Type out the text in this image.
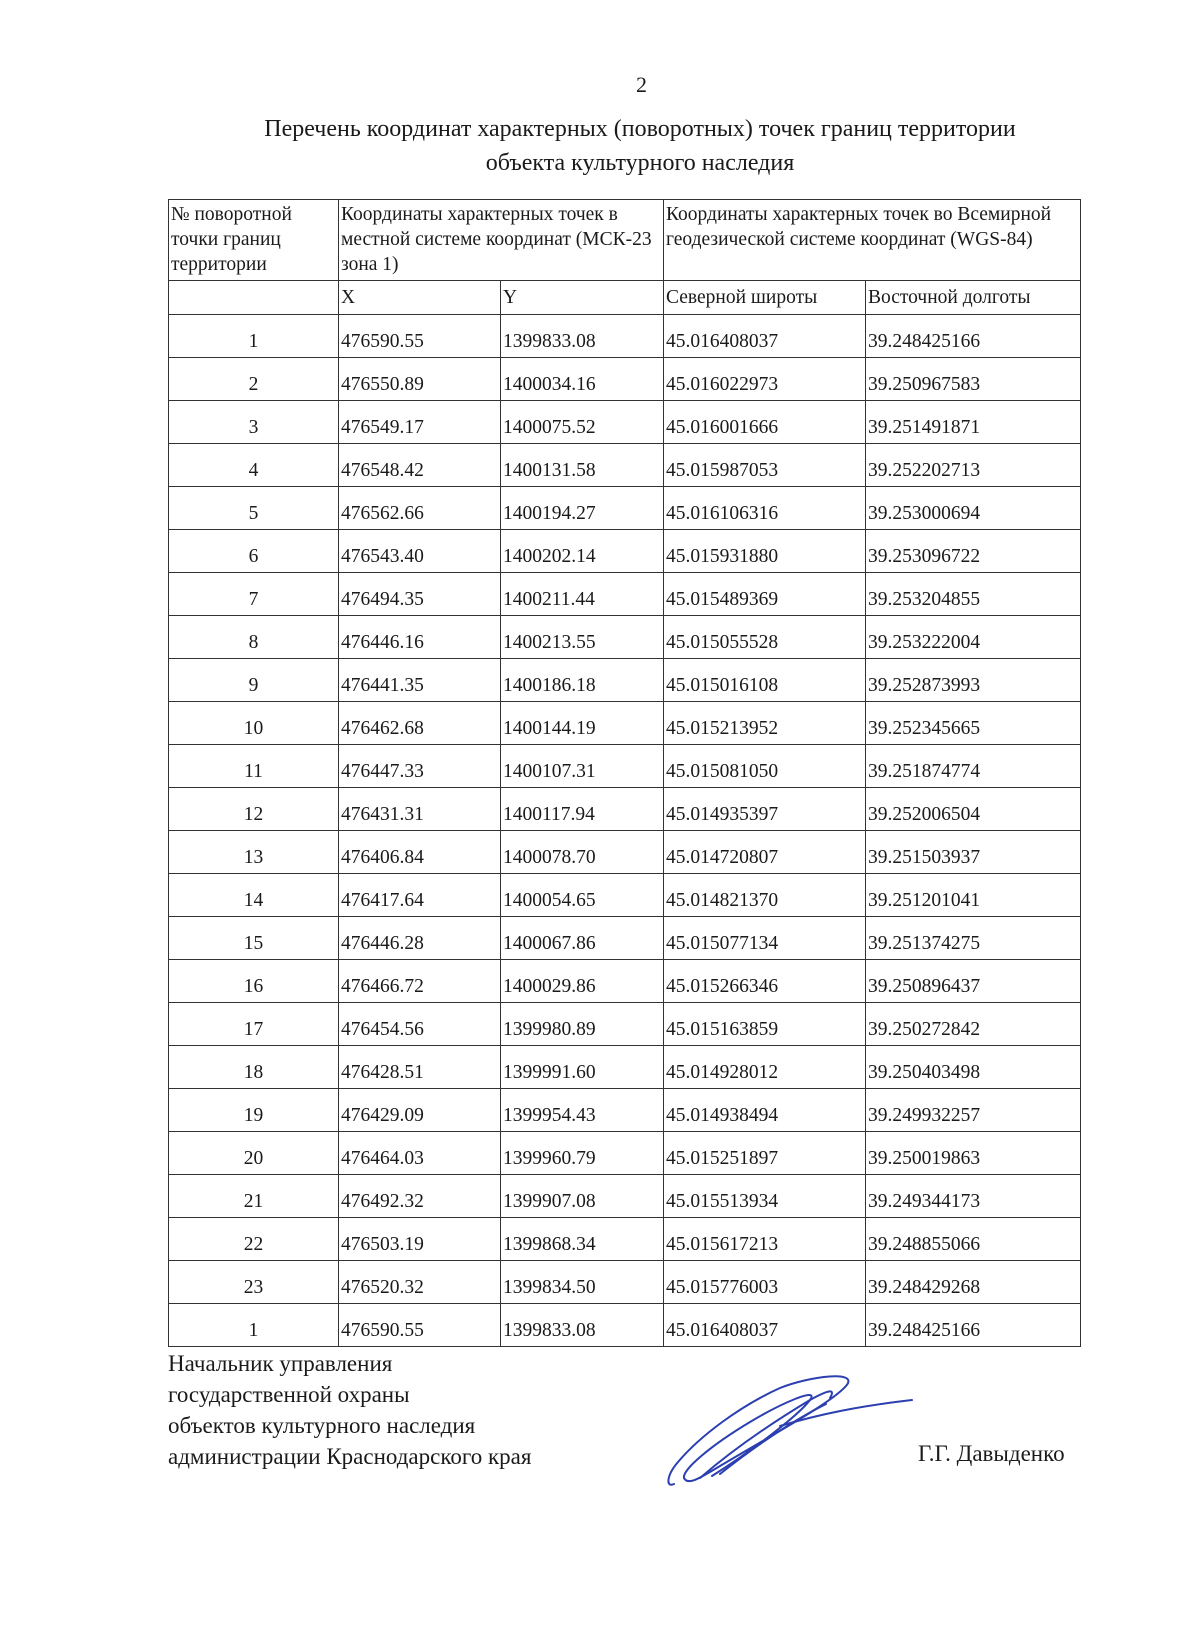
2
Перечень координат характерных (поворотных) точек границ территории
объекта культурного наследия
№ поворотной точки границ территории	Координаты характерных точек в местной системе координат (МСК-23 зона 1)		Координаты характерных точек во Всемирной геодезической системе координат (WGS-84)	
	X	Y	Северной широты	Восточной долготы
1	476590.55	1399833.08	45.016408037	39.248425166
2	476550.89	1400034.16	45.016022973	39.250967583
3	476549.17	1400075.52	45.016001666	39.251491871
4	476548.42	1400131.58	45.015987053	39.252202713
5	476562.66	1400194.27	45.016106316	39.253000694
6	476543.40	1400202.14	45.015931880	39.253096722
7	476494.35	1400211.44	45.015489369	39.253204855
8	476446.16	1400213.55	45.015055528	39.253222004
9	476441.35	1400186.18	45.015016108	39.252873993
10	476462.68	1400144.19	45.015213952	39.252345665
11	476447.33	1400107.31	45.015081050	39.251874774
12	476431.31	1400117.94	45.014935397	39.252006504
13	476406.84	1400078.70	45.014720807	39.251503937
14	476417.64	1400054.65	45.014821370	39.251201041
15	476446.28	1400067.86	45.015077134	39.251374275
16	476466.72	1400029.86	45.015266346	39.250896437
17	476454.56	1399980.89	45.015163859	39.250272842
18	476428.51	1399991.60	45.014928012	39.250403498
19	476429.09	1399954.43	45.014938494	39.249932257
20	476464.03	1399960.79	45.015251897	39.250019863
21	476492.32	1399907.08	45.015513934	39.249344173
22	476503.19	1399868.34	45.015617213	39.248855066
23	476520.32	1399834.50	45.015776003	39.248429268
1	476590.55	1399833.08	45.016408037	39.248425166
Начальник управления
государственной охраны
объектов культурного наследия
администрации Краснодарского края	Г.Г. Давыденко
